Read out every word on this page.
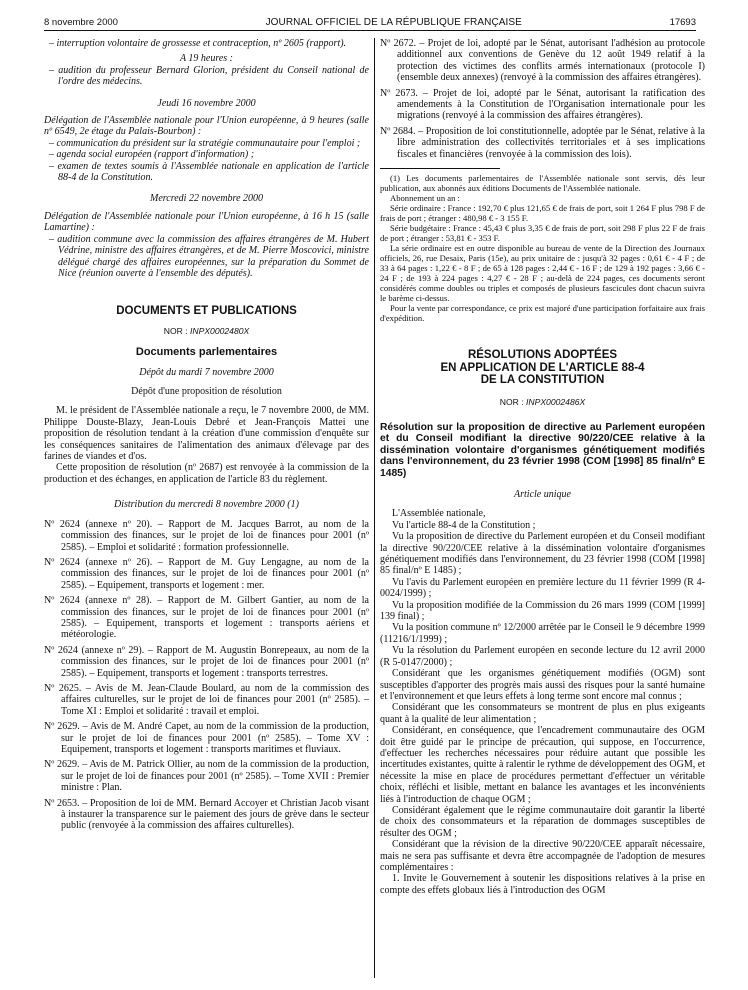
8 novembre 2000	JOURNAL OFFICIEL DE LA RÉPUBLIQUE FRANÇAISE	17693

– interruption volontaire de grossesse et contraception, nº 2605 (rapport).

A 19 heures :

– audition du professeur Bernard Glorion, président du Conseil national de l'ordre des médecins.

Jeudi 16 novembre 2000

Délégation de l'Assemblée nationale pour l'Union européenne, à 9 heures (salle nº 6549, 2e étage du Palais-Bourbon) :

– communication du président sur la stratégie communautaire pour l'emploi ;

– agenda social européen (rapport d'information) ;

– examen de textes soumis à l'Assemblée nationale en application de l'article 88-4 de la Constitution.

Mercredi 22 novembre 2000

Délégation de l'Assemblée nationale pour l'Union européenne, à 16 h 15 (salle Lamartine) :

– audition commune avec la commission des affaires étrangères de M. Hubert Védrine, ministre des affaires étrangères, et de M. Pierre Moscovici, ministre délégué chargé des affaires européennes, sur la préparation du Sommet de Nice (réunion ouverte à l'ensemble des députés).

DOCUMENTS ET PUBLICATIONS

NOR : INPX0002480X

Documents parlementaires

Dépôt du mardi 7 novembre 2000

Dépôt d'une proposition de résolution

M. le président de l'Assemblée nationale a reçu, le 7 novembre 2000, de MM. Philippe Douste-Blazy, Jean-Louis Debré et Jean-François Mattei une proposition de résolution tendant à la création d'une commission d'enquête sur les conséquences sanitaires de l'alimentation des animaux d'élevage par des farines de viandes et d'os.

Cette proposition de résolution (nº 2687) est renvoyée à la commission de la production et des échanges, en application de l'article 83 du règlement.

Distribution du mercredi 8 novembre 2000 (1)

Nº 2624 (annexe nº 20). – Rapport de M. Jacques Barrot, au nom de la commission des finances, sur le projet de loi de finances pour 2001 (nº 2585). – Emploi et solidarité : formation professionnelle.

Nº 2624 (annexe nº 26). – Rapport de M. Guy Lengagne, au nom de la commission des finances, sur le projet de loi de finances pour 2001 (nº 2585). – Equipement, transports et logement : mer.

Nº 2624 (annexe nº 28). – Rapport de M. Gilbert Gantier, au nom de la commission des finances, sur le projet de loi de finances pour 2001 (nº 2585). – Equipement, transports et logement : transports aériens et météorologie.

Nº 2624 (annexe nº 29). – Rapport de M. Augustin Bonrepeaux, au nom de la commission des finances, sur le projet de loi de finances pour 2001 (nº 2585). – Equipement, transports et logement : transports terrestres.

Nº 2625. – Avis de M. Jean-Claude Boulard, au nom de la commission des affaires culturelles, sur le projet de loi de finances pour 2001 (nº 2585). – Tome XI : Emploi et solidarité : travail et emploi.

Nº 2629. – Avis de M. André Capet, au nom de la commission de la production, sur le projet de loi de finances pour 2001 (nº 2585). – Tome XV : Equipement, transports et logement : transports maritimes et fluviaux.

Nº 2629. – Avis de M. Patrick Ollier, au nom de la commission de la production, sur le projet de loi de finances pour 2001 (nº 2585). – Tome XVII : Premier ministre : Plan.

Nº 2653. – Proposition de loi de MM. Bernard Accoyer et Christian Jacob visant à instaurer la transparence sur le paiement des jours de grève dans le secteur public (renvoyée à la commission des affaires culturelles).

Nº 2672. – Projet de loi, adopté par le Sénat, autorisant l'adhésion au protocole additionnel aux conventions de Genève du 12 août 1949 relatif à la protection des victimes des conflits armés internationaux (protocole I) (ensemble deux annexes) (renvoyé à la commission des affaires étrangères).

Nº 2673. – Projet de loi, adopté par le Sénat, autorisant la ratification des amendements à la Constitution de l'Organisation internationale pour les migrations (renvoyé à la commission des affaires étrangères).

Nº 2684. – Proposition de loi constitutionnelle, adoptée par le Sénat, relative à la libre administration des collectivités territoriales et à ses implications fiscales et financières (renvoyée à la commission des lois).

(1) Les documents parlementaires de l'Assemblée nationale sont servis, dès leur publication, aux abonnés aux éditions Documents de l'Assemblée nationale.

Abonnement un an :

Série ordinaire : France : 192,70 € plus 121,65 € de frais de port, soit 1 264 F plus 798 F de frais de port ; étranger : 480,98 € - 3 155 F.

Série budgétaire : France : 45,43 € plus 3,35 € de frais de port, soit 298 F plus 22 F de frais de port ; étranger : 53,81 € - 353 F.

La série ordinaire est en outre disponible au bureau de vente de la Direction des Journaux officiels, 26, rue Desaix, Paris (15e), au prix unitaire de : jusqu'à 32 pages : 0,61 € - 4 F ; de 33 à 64 pages : 1,22 € - 8 F ; de 65 à 128 pages : 2,44 € - 16 F ; de 129 à 192 pages : 3,66 € - 24 F ; de 193 à 224 pages : 4,27 € - 28 F ; au-delà de 224 pages, ces documents seront considérés comme doubles ou triples et composés de plusieurs fascicules dont chacun suivra le barème ci-dessus.

Pour la vente par correspondance, ce prix est majoré d'une participation forfaitaire aux frais d'expédition.

RÉSOLUTIONS ADOPTÉES

EN APPLICATION DE L'ARTICLE 88-4

DE LA CONSTITUTION

NOR : INPX0002486X

Résolution sur la proposition de directive au Parlement européen et du Conseil modifiant la directive 90/220/CEE relative à la dissémination volontaire d'organismes génétiquement modifiés dans l'environnement, du 23 février 1998 (COM [1998] 85 final/nº E 1485)

Article unique

L'Assemblée nationale,

Vu l'article 88-4 de la Constitution ;

Vu la proposition de directive du Parlement européen et du Conseil modifiant la directive 90/220/CEE relative à la dissémination volontaire d'organismes génétiquement modifiés dans l'environnement, du 23 février 1998 (COM [1998] 85 final/nº E 1485) ;

Vu l'avis du Parlement européen en première lecture du 11 février 1999 (R 4-0024/1999) ;

Vu la proposition modifiée de la Commission du 26 mars 1999 (COM [1999] 139 final) ;

Vu la position commune nº 12/2000 arrêtée par le Conseil le 9 décembre 1999 (11216/1/1999) ;

Vu la résolution du Parlement européen en seconde lecture du 12 avril 2000 (R 5-0147/2000) ;

Considérant que les organismes génétiquement modifiés (OGM) sont susceptibles d'apporter des progrès mais aussi des risques pour la santé humaine et l'environnement et que leurs effets à long terme sont encore mal connus ;

Considérant que les consommateurs se montrent de plus en plus exigeants quant à la qualité de leur alimentation ;

Considérant, en conséquence, que l'encadrement communautaire des OGM doit être guidé par le principe de précaution, qui suppose, en l'occurrence, d'effectuer les recherches nécessaires pour réduire autant que possible les incertitudes existantes, quitte à ralentir le rythme de développement des OGM, et nécessite la mise en place de procédures permettant d'effectuer un véritable choix, réfléchi et lisible, mettant en balance les avantages et les inconvénients liés à l'introduction de chaque OGM ;

Considérant également que le régime communautaire doit garantir la liberté de choix des consommateurs et la réparation de dommages susceptibles de résulter des OGM ;

Considérant que la révision de la directive 90/220/CEE apparaît nécessaire, mais ne sera pas suffisante et devra être accompagnée de l'adoption de mesures complémentaires :

1. Invite le Gouvernement à soutenir les dispositions relatives à la prise en compte des effets globaux liés à l'introduction des OGM
